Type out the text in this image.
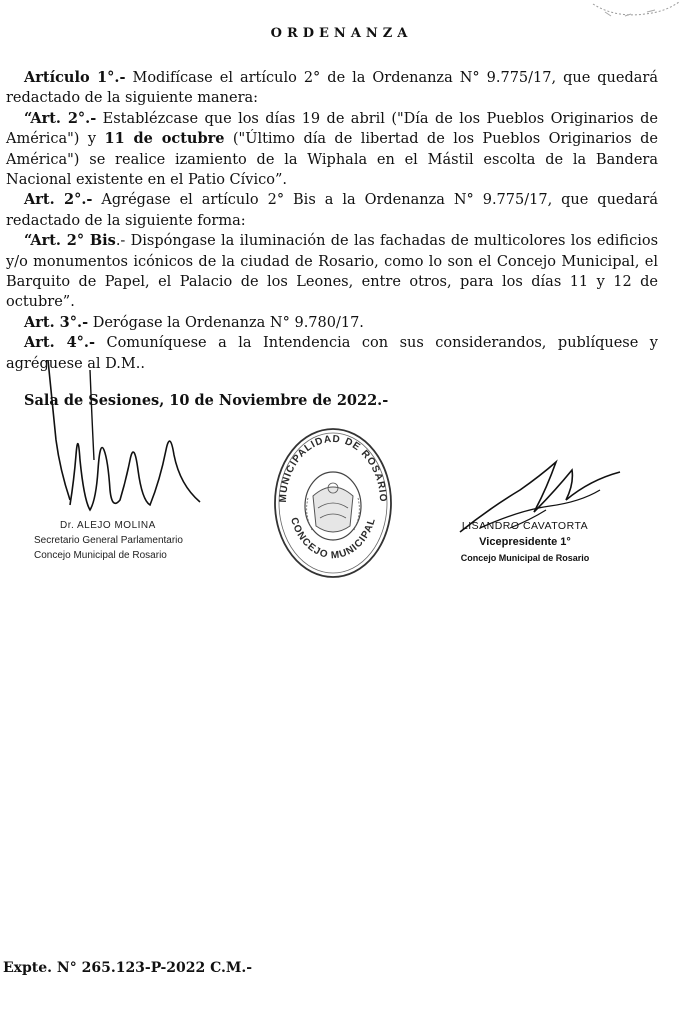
ORDENANZA

Artículo 1°.- Modifícase el artículo 2° de la Ordenanza N° 9.775/17, que quedará redactado de la siguiente manera:

“Art. 2°.- Establézcase que los días 19 de abril ("Día de los Pueblos Originarios de América") y 11 de octubre ("Último día de libertad de los Pueblos Originarios de América") se realice izamiento de la Wiphala en el Mástil escolta de la Bandera Nacional existente en el Patio Cívico”.

Art. 2°.- Agrégase el artículo 2° Bis a la Ordenanza N° 9.775/17, que quedará redactado de la siguiente forma:

“Art. 2° Bis.- Dispóngase la iluminación de las fachadas de multicolores los edificios y/o monumentos icónicos de la ciudad de Rosario, como lo son el Concejo Municipal, el Barquito de Papel, el Palacio de los Leones, entre otros, para los días 11 y 12 de octubre”.

Art. 3°.- Derógase la Ordenanza N° 9.780/17.

Art. 4°.- Comuníquese a la Intendencia con sus considerandos, publíquese y agréguese al D.M..

Sala de Sesiones, 10 de Noviembre de 2022.-
Dr. ALEJO MOLINA
Secretario General Parlamentario
Concejo Municipal de Rosario
MUNICIPALIDAD DE ROSARIO
CONCEJO MUNICIPAL	LISANDRO CAVATORTA
Vicepresidente 1°
Concejo Municipal de Rosario
Expte. N° 265.123-P-2022 C.M.-
